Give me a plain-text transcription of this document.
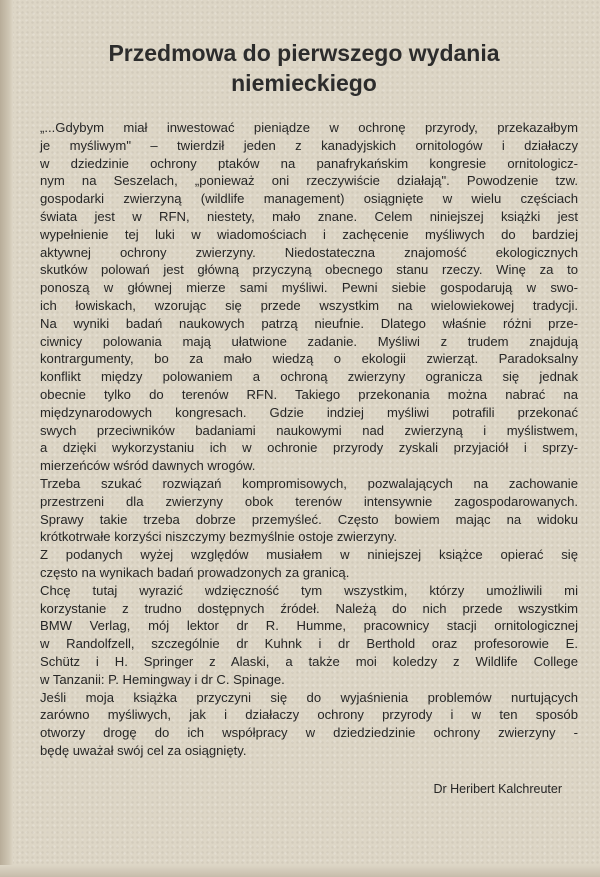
Przedmowa do pierwszego wydania
niemieckiego
„...Gdybym miał inwestować pieniądze w ochronę przyrody, przekazałbym
je myśliwym" – twierdził jeden z kanadyjskich ornitologów i działaczy
w dziedzinie ochrony ptaków na panafrykańskim kongresie ornitologicz-
nym na Seszelach, „ponieważ oni rzeczywiście działają". Powodzenie tzw.
gospodarki zwierzyną (wildlife management) osiągnięte w wielu częściach
świata jest w RFN, niestety, mało znane. Celem niniejszej książki jest
wypełnienie tej luki w wiadomościach i zachęcenie myśliwych do bardziej
aktywnej ochrony zwierzyny. Niedostateczna znajomość ekologicznych
skutków polowań jest główną przyczyną obecnego stanu rzeczy. Winę za to
ponoszą w głównej mierze sami myśliwi. Pewni siebie gospodarują w swo-
ich łowiskach, wzorując się przede wszystkim na wielowiekowej tradycji.
Na wyniki badań naukowych patrzą nieufnie. Dlatego właśnie różni prze-
ciwnicy polowania mają ułatwione zadanie. Myśliwi z trudem znajdują
kontrargumenty, bo za mało wiedzą o ekologii zwierząt. Paradoksalny
konflikt między polowaniem a ochroną zwierzyny ogranicza się jednak
obecnie tylko do terenów RFN. Takiego przekonania można nabrać na
międzynarodowych kongresach. Gdzie indziej myśliwi potrafili przekonać
swych przeciwników badaniami naukowymi nad zwierzyną i myślistwem,
a dzięki wykorzystaniu ich w ochronie przyrody zyskali przyjaciół i sprzy-
mierzeńców wśród dawnych wrogów.
Trzeba szukać rozwiązań kompromisowych, pozwalających na zachowanie
przestrzeni dla zwierzyny obok terenów intensywnie zagospodarowanych.
Sprawy takie trzeba dobrze przemyśleć. Często bowiem mając na widoku
krótkotrwałe korzyści niszczymy bezmyślnie ostoje zwierzyny.
Z podanych wyżej względów musiałem w niniejszej książce opierać się
często na wynikach badań prowadzonych za granicą.
Chcę tutaj wyrazić wdzięczność tym wszystkim, którzy umożliwili mi
korzystanie z trudno dostępnych źródeł. Należą do nich przede wszystkim
BMW Verlag, mój lektor dr R. Humme, pracownicy stacji ornitologicznej
w Randolfzell, szczególnie dr Kuhnk i dr Berthold oraz profesorowie E.
Schütz i H. Springer z Alaski, a także moi koledzy z Wildlife College
w Tanzanii: P. Hemingway i dr C. Spinage.
Jeśli moja książka przyczyni się do wyjaśnienia problemów nurtujących
zarówno myśliwych, jak i działaczy ochrony przyrody i w ten sposób
otworzy drogę do ich współpracy w dziedziedzinie ochrony zwierzyny -
będę uważał swój cel za osiągnięty.
Dr Heribert Kalchreuter
